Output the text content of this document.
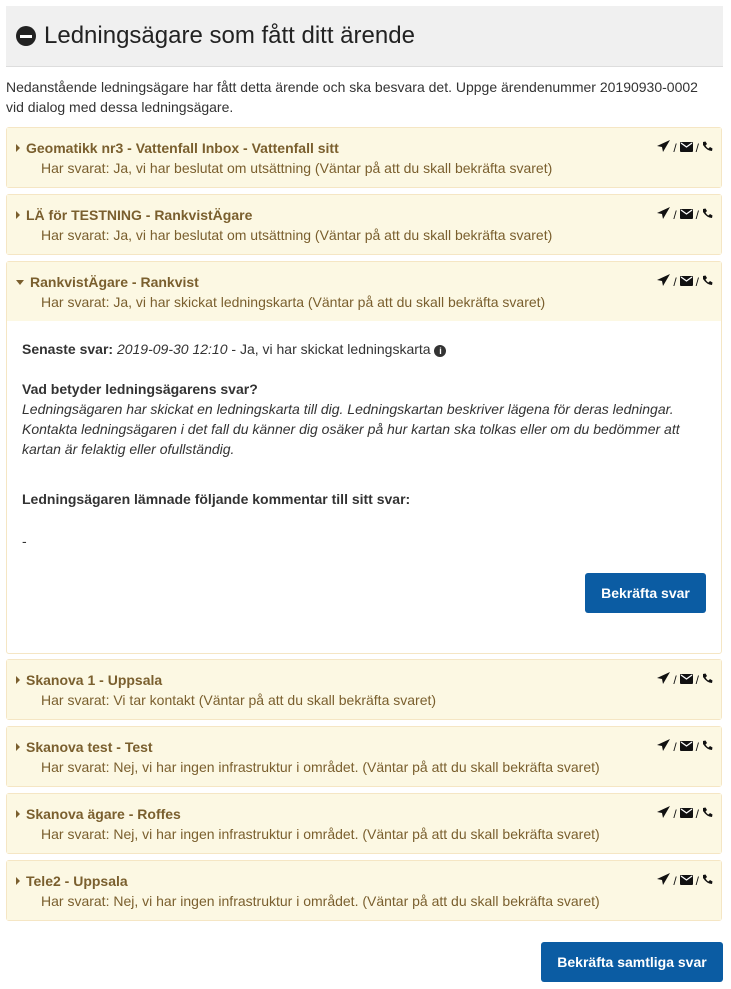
Ledningsägare som fått ditt ärende
Nedanstående ledningsägare har fått detta ärende och ska besvara det. Uppge ärendenummer 20190930-0002 vid dialog med dessa ledningsägare.
Geomatikk nr3 - Vattenfall Inbox - Vattenfall sitt
Har svarat: Ja, vi har beslutat om utsättning (Väntar på att du skall bekräfta svaret)
/ /
LÄ för TESTNING - RankvistÄgare
Har svarat: Ja, vi har beslutat om utsättning (Väntar på att du skall bekräfta svaret)
/ /
RankvistÄgare - Rankvist
Har svarat: Ja, vi har skickat ledningskarta (Väntar på att du skall bekräfta svaret)
/ /
Senaste svar: 2019-09-30 12:10 - Ja, vi har skickat ledningskarta i
Vad betyder ledningsägarens svar?
Ledningsägaren har skickat en ledningskarta till dig. Ledningskartan beskriver lägena för deras ledningar. Kontakta ledningsägaren i det fall du känner dig osäker på hur kartan ska tolkas eller om du bedömmer att kartan är felaktig eller ofullständig.
Ledningsägaren lämnade följande kommentar till sitt svar:
-
Bekräfta svar
Skanova 1 - Uppsala
Har svarat: Vi tar kontakt (Väntar på att du skall bekräfta svaret)
/ /
Skanova test - Test
Har svarat: Nej, vi har ingen infrastruktur i området. (Väntar på att du skall bekräfta svaret)
/ /
Skanova ägare - Roffes
Har svarat: Nej, vi har ingen infrastruktur i området. (Väntar på att du skall bekräfta svaret)
/ /
Tele2 - Uppsala
Har svarat: Nej, vi har ingen infrastruktur i området. (Väntar på att du skall bekräfta svaret)
/ /
Bekräfta samtliga svar
